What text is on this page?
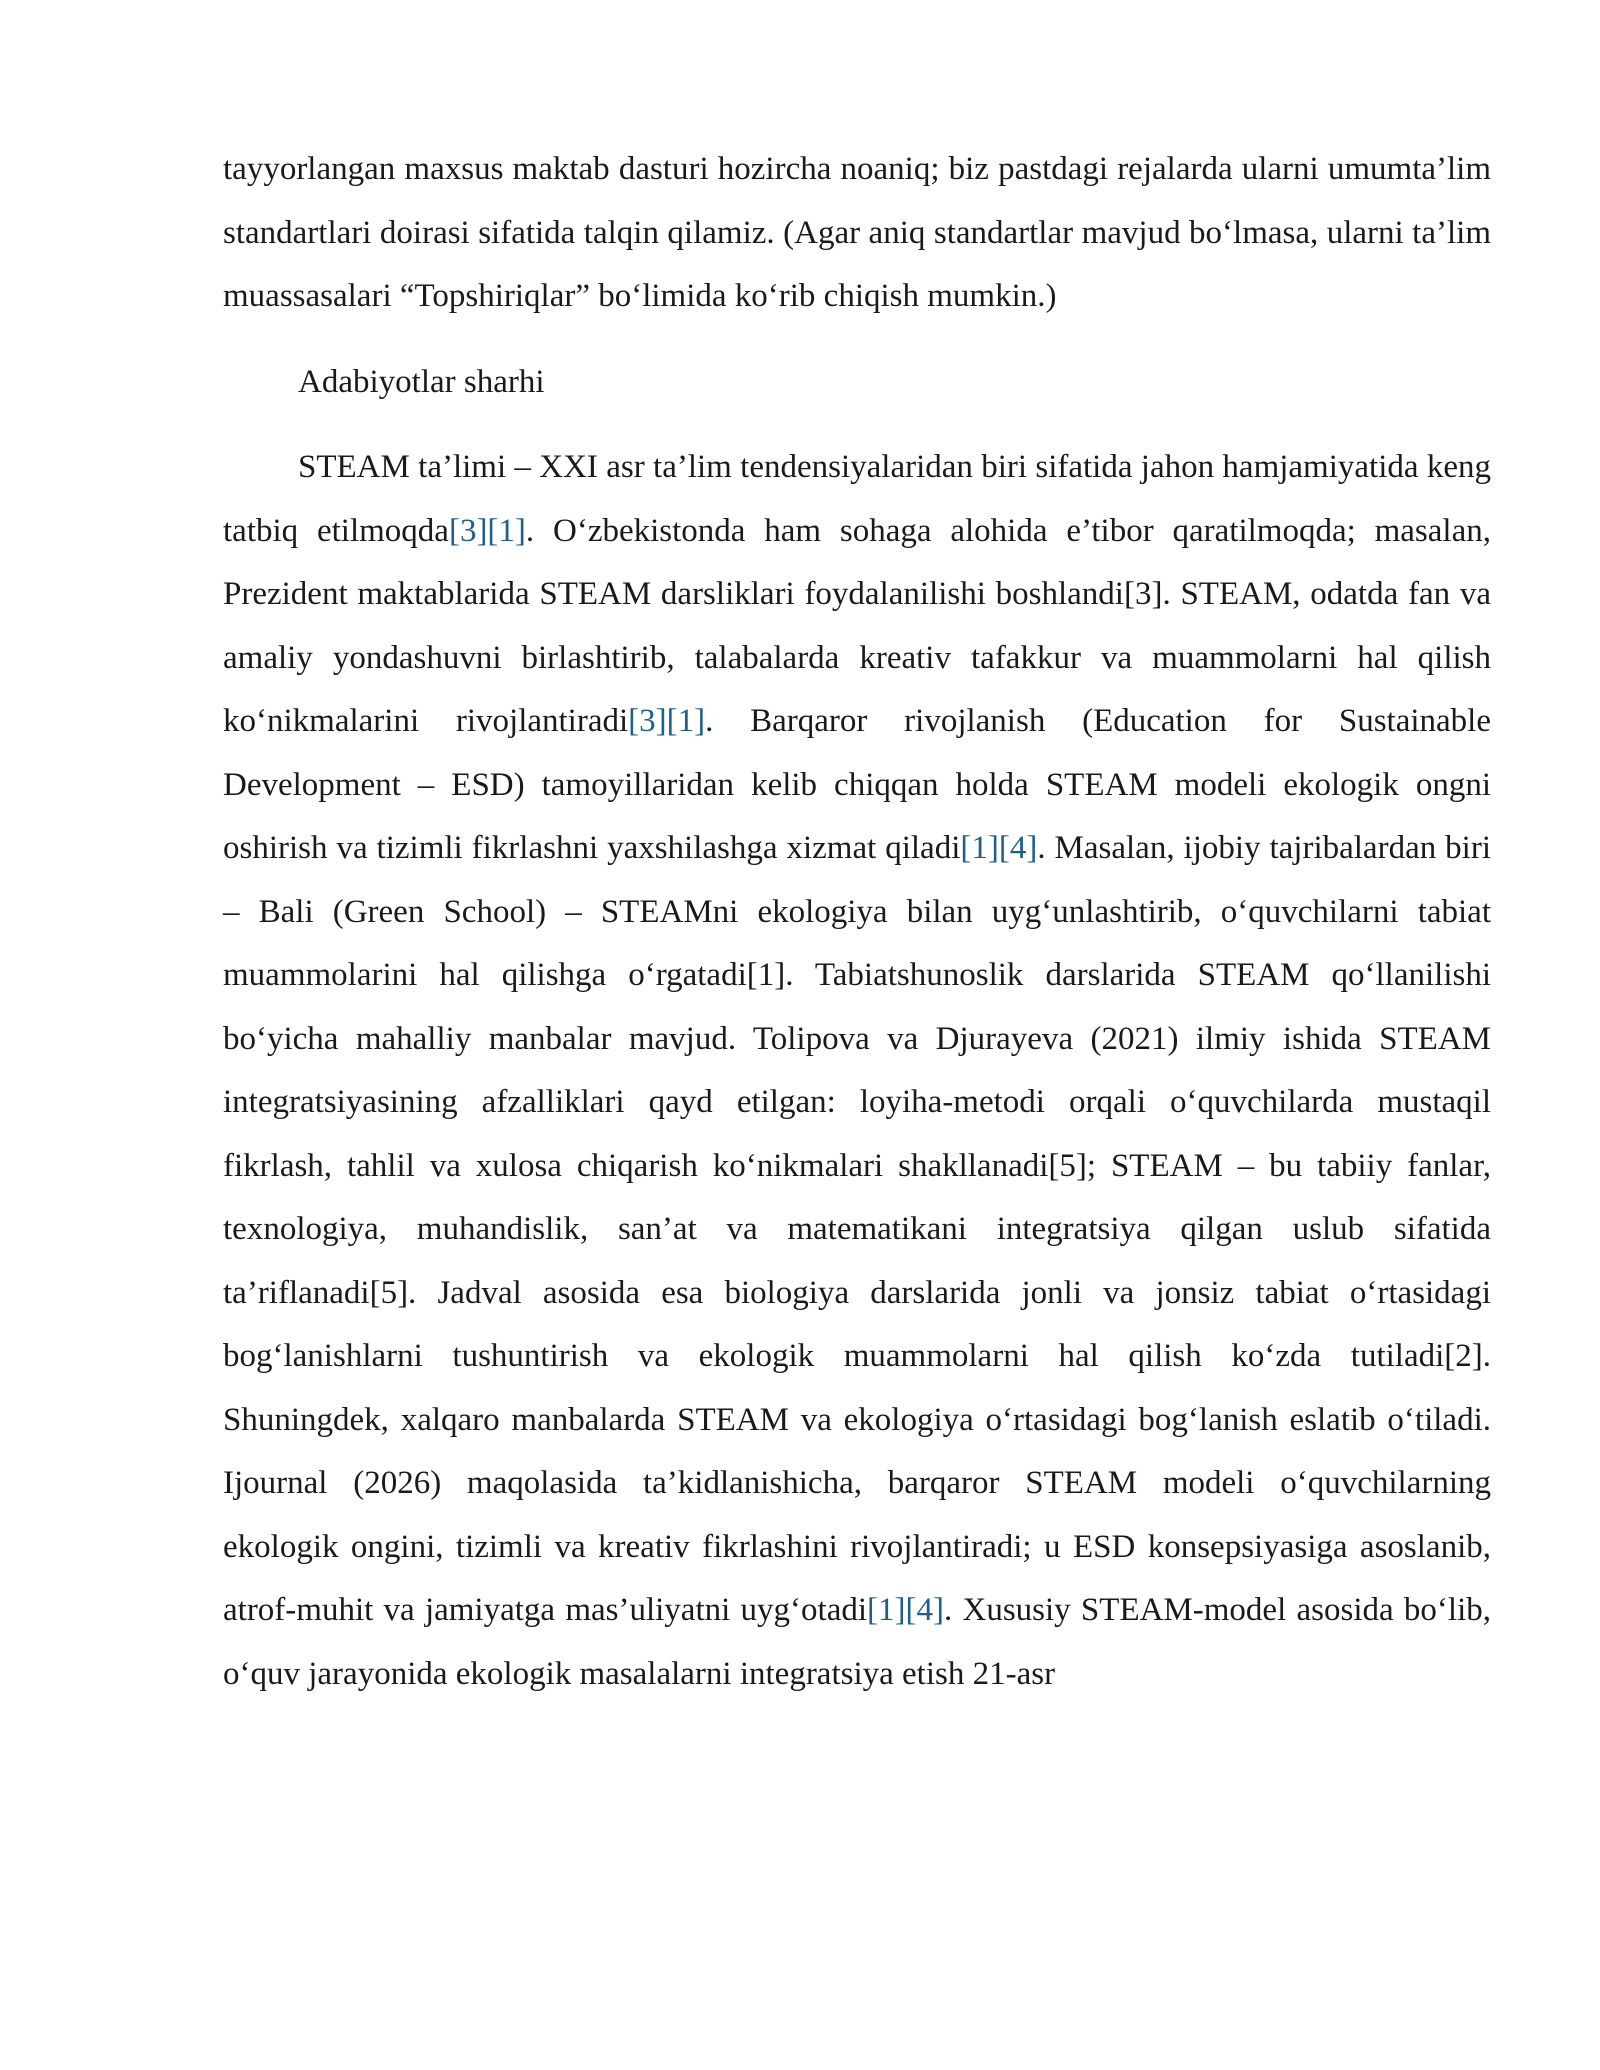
tayyorlangan maxsus maktab dasturi hozircha noaniq; biz pastdagi rejalarda ularni umumta’lim standartlari doirasi sifatida talqin qilamiz. (Agar aniq standartlar mavjud bo‘lmasa, ularni ta’lim muassasalari “Topshiriqlar” bo‘limida ko‘rib chiqish mumkin.)

Adabiyotlar sharhi

STEAM ta’limi – XXI asr ta’lim tendensiyalaridan biri sifatida jahon hamjamiyatida keng tatbiq etilmoqda[3][1]. O‘zbekistonda ham sohaga alohida e’tibor qaratilmoqda; masalan, Prezident maktablarida STEAM darsliklari foydalanilishi boshlandi[3]. STEAM, odatda fan va amaliy yondashuvni birlashtirib, talabalarda kreativ tafakkur va muammolarni hal qilish ko‘nikmalarini rivojlantiradi[3][1]. Barqaror rivojlanish (Education for Sustainable Development – ESD) tamoyillaridan kelib chiqqan holda STEAM modeli ekologik ongni oshirish va tizimli fikrlashni yaxshilashga xizmat qiladi[1][4]. Masalan, ijobiy tajribalardan biri – Bali (Green School) – STEAMni ekologiya bilan uyg‘unlashtirib, o‘quvchilarni tabiat muammolarini hal qilishga o‘rgatadi[1]. Tabiatshunoslik darslarida STEAM qo‘llanilishi bo‘yicha mahalliy manbalar mavjud. Tolipova va Djurayeva (2021) ilmiy ishida STEAM integratsiyasining afzalliklari qayd etilgan: loyiha-metodi orqali o‘quvchilarda mustaqil fikrlash, tahlil va xulosa chiqarish ko‘nikmalari shakllanadi[5]; STEAM – bu tabiiy fanlar, texnologiya, muhandislik, san’at va matematikani integratsiya qilgan uslub sifatida ta’riflanadi[5]. Jadval asosida esa biologiya darslarida jonli va jonsiz tabiat o‘rtasidagi bog‘lanishlarni tushuntirish va ekologik muammolarni hal qilish ko‘zda tutiladi[2]. Shuningdek, xalqaro manbalarda STEAM va ekologiya o‘rtasidagi bog‘lanish eslatib o‘tiladi. Ijournal (2026) maqolasida ta’kidlanishicha, barqaror STEAM modeli o‘quvchilarning ekologik ongini, tizimli va kreativ fikrlashini rivojlantiradi; u ESD konsepsiyasiga asoslanib, atrof-muhit va jamiyatga mas’uliyatni uyg‘otadi[1][4]. Xususiy STEAM-model asosida bo‘lib, o‘quv jarayonida ekologik masalalarni integratsiya etish 21-asr
